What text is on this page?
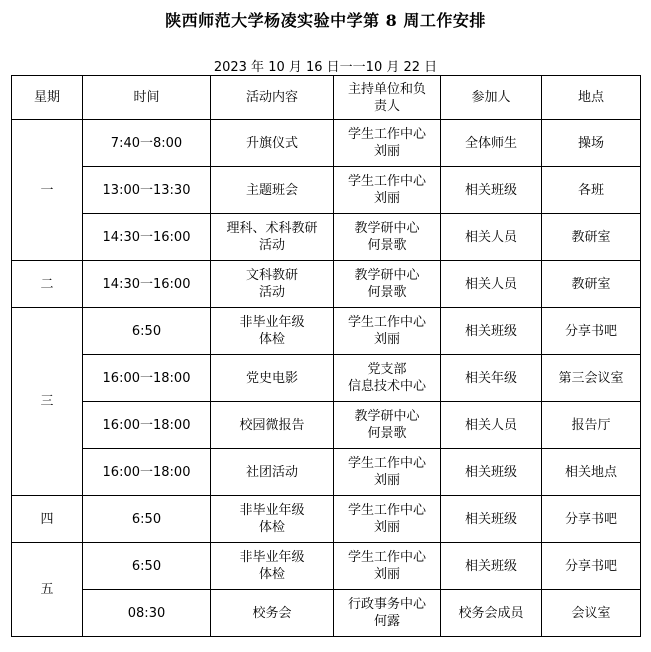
陕西师范大学杨凌实验中学第 8 周工作安排
2023 年 10 月 16 日一一10 月 22 日
星期	时间	活动内容	主持单位和负
责人	参加人	地点
一	7:40一8:00	升旗仪式	学生工作中心
刘丽	全体师生	操场
	13:00一13:30	主题班会	学生工作中心
刘丽	相关班级	各班
	14:30一16:00	理科、术科教研
活动	教学研中心
何景歌	相关人员	教研室
二	14:30一16:00	文科教研
活动	教学研中心
何景歌	相关人员	教研室
三	6:50	非毕业年级
体检	学生工作中心
刘丽	相关班级	分享书吧
	16:00一18:00	党史电影	党支部
信息技术中心	相关年级	第三会议室
	16:00一18:00	校园微报告	教学研中心
何景歌	相关人员	报告厅
	16:00一18:00	社团活动	学生工作中心
刘丽	相关班级	相关地点
四	6:50	非毕业年级
体检	学生工作中心
刘丽	相关班级	分享书吧
五	6:50	非毕业年级
体检	学生工作中心
刘丽	相关班级	分享书吧
	08:30	校务会	行政事务中心
何露	校务会成员	会议室
